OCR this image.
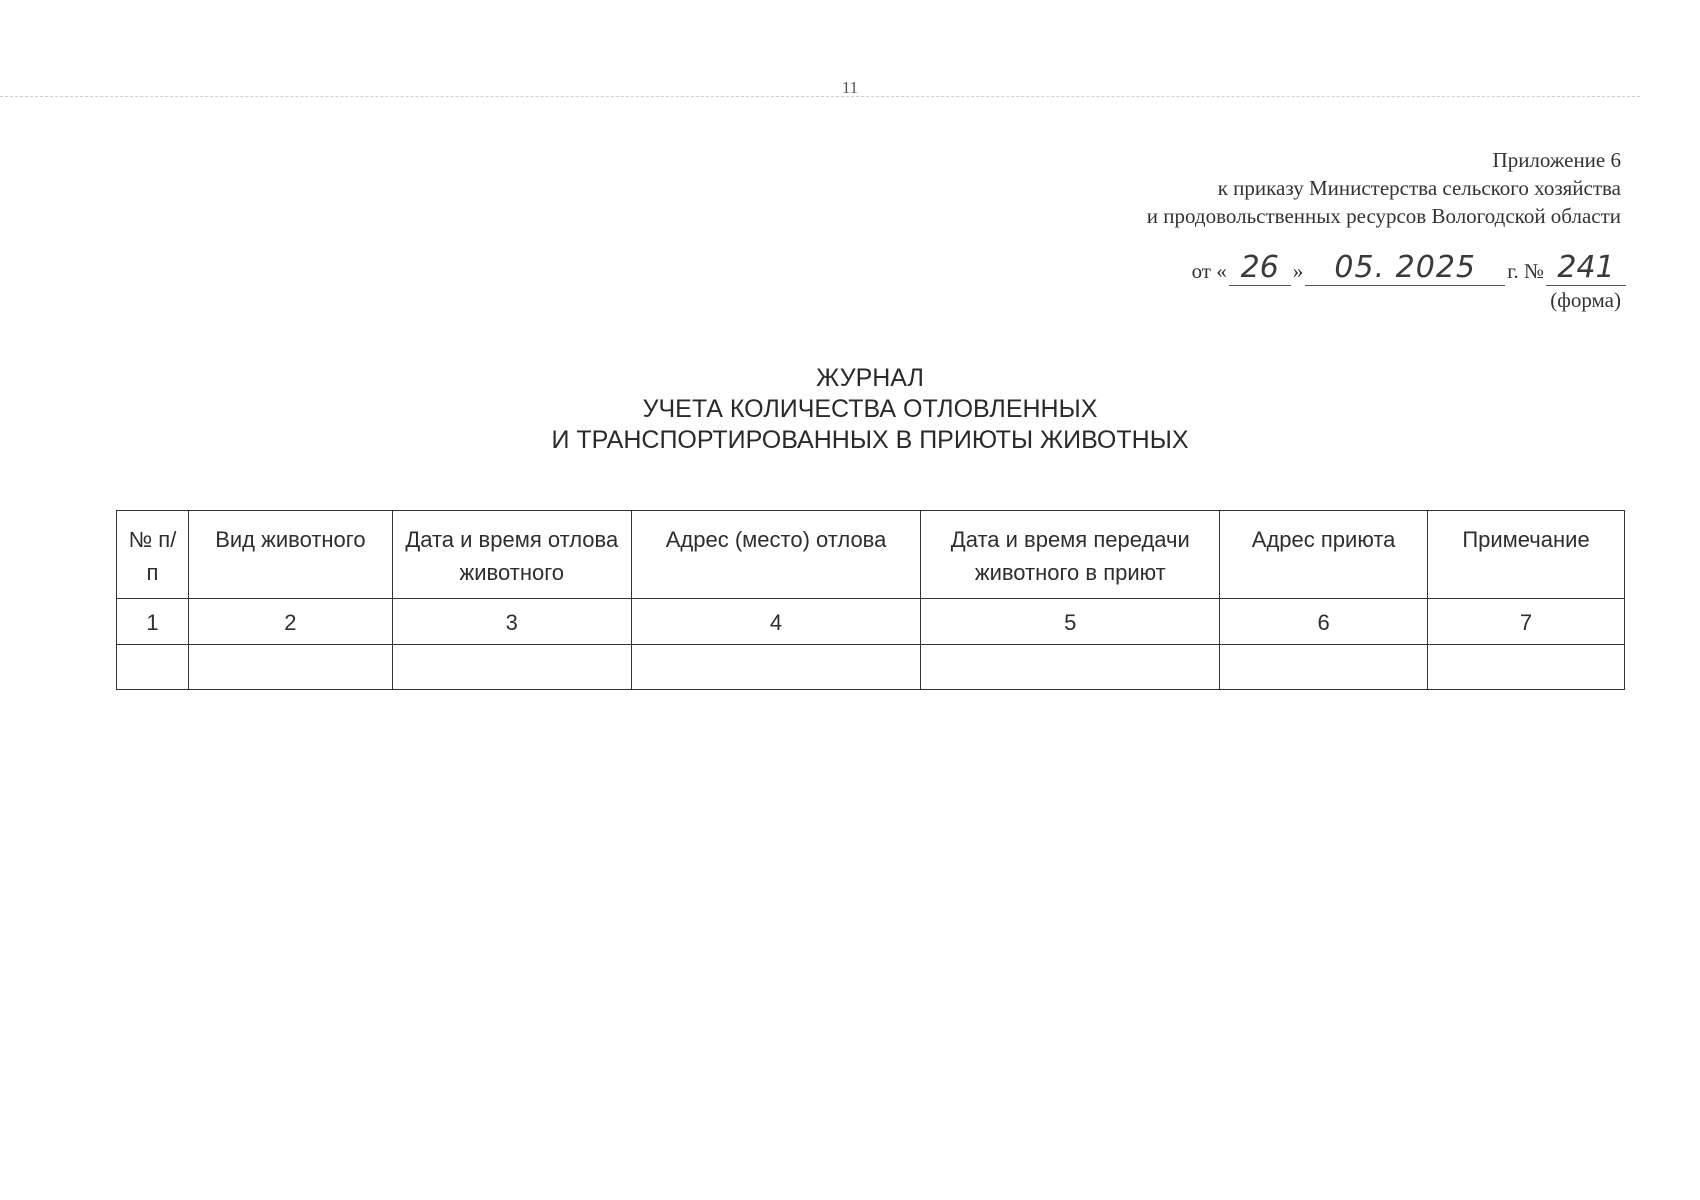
11
Приложение 6
к приказу Министерства сельского хозяйства
и продовольственных ресурсов Вологодской области
от « 26 »	05. 2025	г. № 241
(форма)
ЖУРНАЛ
УЧЕТА КОЛИЧЕСТВА ОТЛОВЛЕННЫХ
И ТРАНСПОРТИРОВАННЫХ В ПРИЮТЫ ЖИВОТНЫХ
№ п/п	Вид животного	Дата и время отлова животного	Адрес (место) отлова	Дата и время передачи животного в приют	Адрес приюта	Примечание
1	2	3	4	5	6	7
